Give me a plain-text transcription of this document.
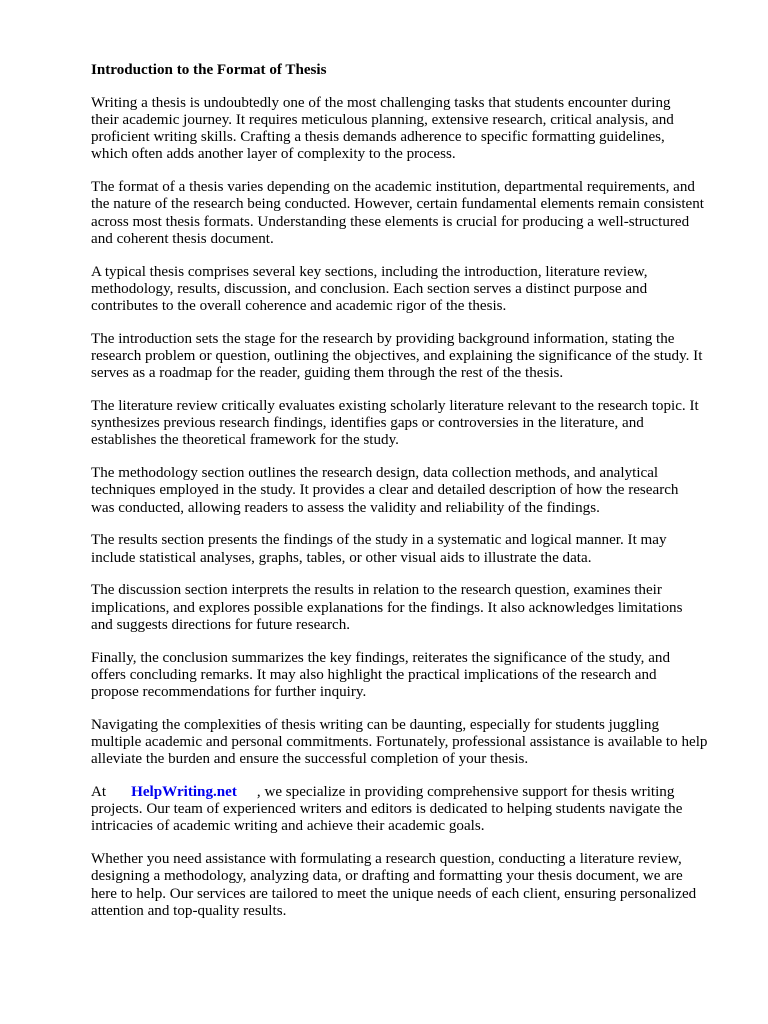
Introduction to the Format of Thesis
Writing a thesis is undoubtedly one of the most challenging tasks that students encounter during
their academic journey. It requires meticulous planning, extensive research, critical analysis, and
proficient writing skills. Crafting a thesis demands adherence to specific formatting guidelines,
which often adds another layer of complexity to the process.
The format of a thesis varies depending on the academic institution, departmental requirements, and
the nature of the research being conducted. However, certain fundamental elements remain consistent
across most thesis formats. Understanding these elements is crucial for producing a well-structured
and coherent thesis document.
A typical thesis comprises several key sections, including the introduction, literature review,
methodology, results, discussion, and conclusion. Each section serves a distinct purpose and
contributes to the overall coherence and academic rigor of the thesis.
The introduction sets the stage for the research by providing background information, stating the
research problem or question, outlining the objectives, and explaining the significance of the study. It
serves as a roadmap for the reader, guiding them through the rest of the thesis.
The literature review critically evaluates existing scholarly literature relevant to the research topic. It
synthesizes previous research findings, identifies gaps or controversies in the literature, and
establishes the theoretical framework for the study.
The methodology section outlines the research design, data collection methods, and analytical
techniques employed in the study. It provides a clear and detailed description of how the research
was conducted, allowing readers to assess the validity and reliability of the findings.
The results section presents the findings of the study in a systematic and logical manner. It may
include statistical analyses, graphs, tables, or other visual aids to illustrate the data.
The discussion section interprets the results in relation to the research question, examines their
implications, and explores possible explanations for the findings. It also acknowledges limitations
and suggests directions for future research.
Finally, the conclusion summarizes the key findings, reiterates the significance of the study, and
offers concluding remarks. It may also highlight the practical implications of the research and
propose recommendations for further inquiry.
Navigating the complexities of thesis writing can be daunting, especially for students juggling
multiple academic and personal commitments. Fortunately, professional assistance is available to help
alleviate the burden and ensure the successful completion of your thesis.
At HelpWriting.net , we specialize in providing comprehensive support for thesis writing
projects. Our team of experienced writers and editors is dedicated to helping students navigate the
intricacies of academic writing and achieve their academic goals.
Whether you need assistance with formulating a research question, conducting a literature review,
designing a methodology, analyzing data, or drafting and formatting your thesis document, we are
here to help. Our services are tailored to meet the unique needs of each client, ensuring personalized
attention and top-quality results.
